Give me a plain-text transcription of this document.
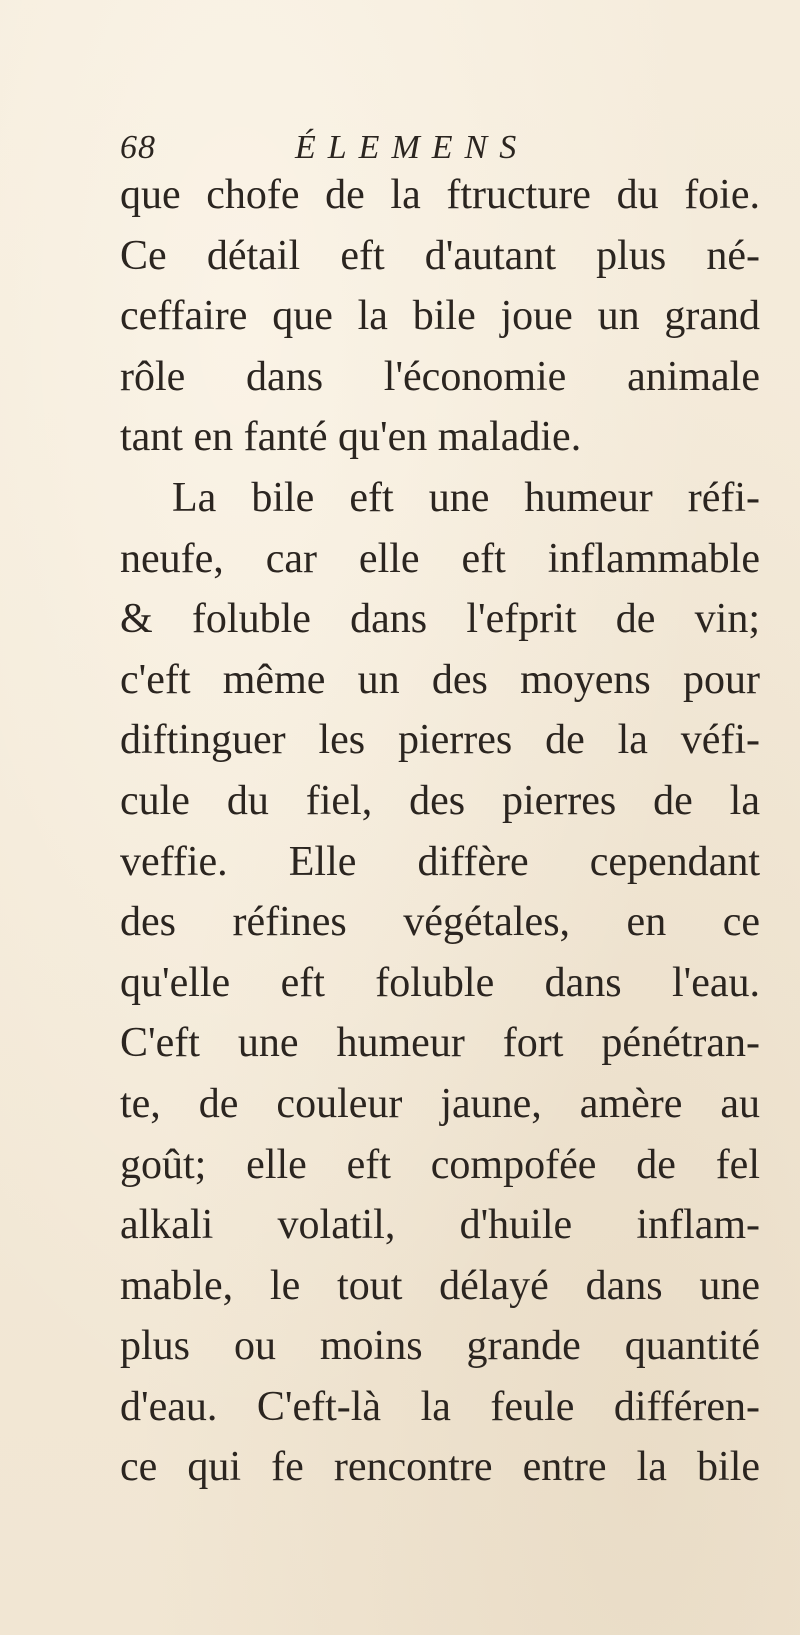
68	ÉLEMENS
que chofe de la ftructure du foie.
Ce détail eft d'autant plus né-
ceffaire que la bile joue un grand
rôle dans l'économie animale
tant en fanté qu'en maladie.
La bile eft une humeur réfi-
neufe, car elle eft inflammable
& foluble dans l'efprit de vin;
c'eft même un des moyens pour
diftinguer les pierres de la véfi-
cule du fiel, des pierres de la
veffie. Elle diffère cependant
des réfines végétales, en ce
qu'elle eft foluble dans l'eau.
C'eft une humeur fort pénétran-
te, de couleur jaune, amère au
goût; elle eft compofée de fel
alkali volatil, d'huile inflam-
mable, le tout délayé dans une
plus ou moins grande quantité
d'eau. C'eft-là la feule différen-
ce qui fe rencontre entre la bile
